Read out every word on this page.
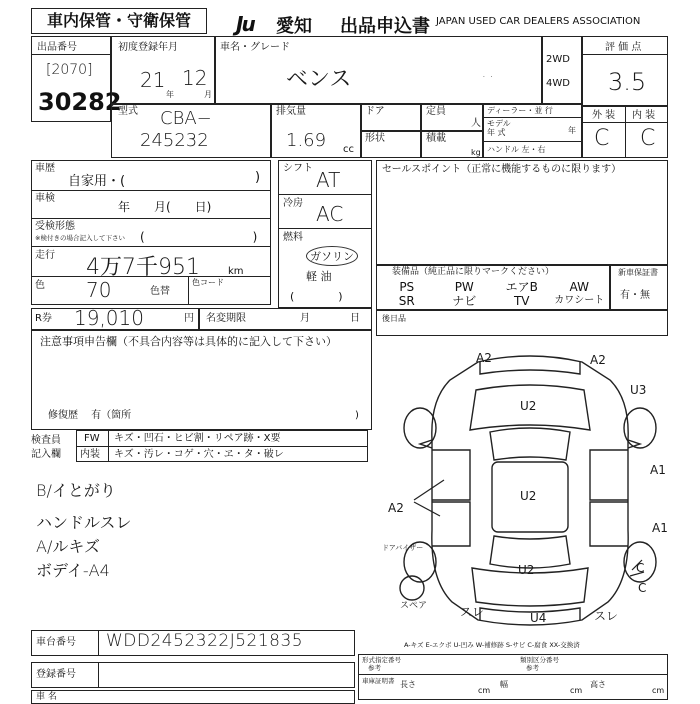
車内保管・守衛保管	Ju 愛知 出品申込書 JAPAN USED CAR DEALERS ASSOCIATION
出品番号
[2070]
30282
初度登録年月
21 12
年	月
車名・グレード
ベンス	· ·
2WD
4WD
評 価 点
3.5
型式 CBA−
245232
排気量
1.69 cc
ドア	定員
人
形状	積載
kg
ディーラー・並 行
モデル
年 式	年
ハンドル 左・右
外 装 内 装
C C
車歴
自家用・(	)
車検
年　　月(　　日)
受検形態
※検付きの場合記入して下さい (　　　　　　　　　)
走行 4万7千951	km
色 70	色替
色コード
R券 19,010	円 名変期限	月	日
シフト AT
冷房 AC
燃料
ガソリン
軽 油
(　　　　)
セールスポイント（正常に機能するものに限ります）
装備品（純正品に限りマークください）
PS	PW	エアB	AW
SR	ナビ	TV	カワシート
新車保証書
有・無
後日品
注意事項申告欄（不具合内容等は具体的に記入して下さい）
修復歴　 有（箇所	)
検査員
記入欄
FW キズ・凹石・ヒビ割・リペア跡・X要
内装 キズ・汚レ・コゲ・穴・ヱ・タ・破レ
B/イとがり
ハンドルスレ
A/ルキズ
ボデイ-A4
A2	A2
U3
U2
A1
A2
A1
ドアバイザー
U2
C
U4
スレ	スレ
C
U2
スペア
A-キズ E-エクボ U-凹み W-補修跡 S-サビ C-腐食 XX-交換済
車台番号 WDD2452322J521835
登録番号
車 名
形式指定番号
参考
類別区分番号
参考
車庫証明書 長さ
cm
幅
cm
高さ
cm
